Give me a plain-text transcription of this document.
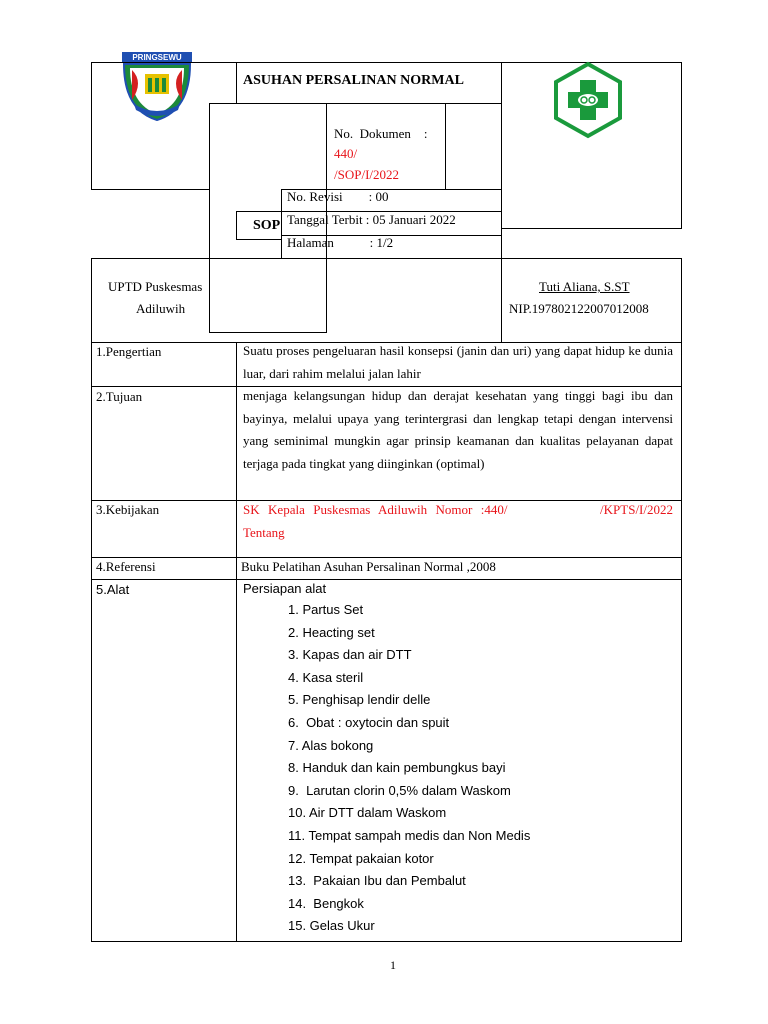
PRINGSEWU
ASUHAN PERSALINAN NORMAL
No.  Dokumen    :
440/
/SOP/I/2022
No. Revisi        : 00
Tanggal Terbit : 05 Januari 2022
Halaman           : 1/2
SOP
UPTD Puskesmas
Adiluwih
Tuti Aliana, S.ST
NIP.197802122007012008
1.Pengertian	Suatu proses pengeluaran hasil konsepsi (janin dan uri) yang dapat hidup ke dunia luar, dari rahim melalui jalan lahir
2.Tujuan	menjaga kelangsungan hidup dan derajat kesehatan yang tinggi bagi ibu dan bayinya, melalui upaya yang terintergrasi dan lengkap tetapi dengan intervensi yang seminimal mungkin agar prinsip keamanan dan kualitas pelayanan dapat terjaga pada tingkat yang diinginkan (optimal)
3.Kebijakan	SK Kepala Puskesmas Adiluwih Nomor :440/           /KPTS/I/2022
Tentang
4.Referensi	Buku Pelatihan Asuhan Persalinan Normal ,2008
5.Alat	Persiapan alat
1. Partus Set
2. Heacting set
3. Kapas dan air DTT
4. Kasa steril
5. Penghisap lendir delle
6.  Obat : oxytocin dan spuit
7. Alas bokong
8. Handuk dan kain pembungkus bayi
9.  Larutan clorin 0,5% dalam Waskom
10. Air DTT dalam Waskom
11. Tempat sampah medis dan Non Medis
12. Tempat pakaian kotor
13.  Pakaian Ibu dan Pembalut
14.  Bengkok
15. Gelas Ukur
1
